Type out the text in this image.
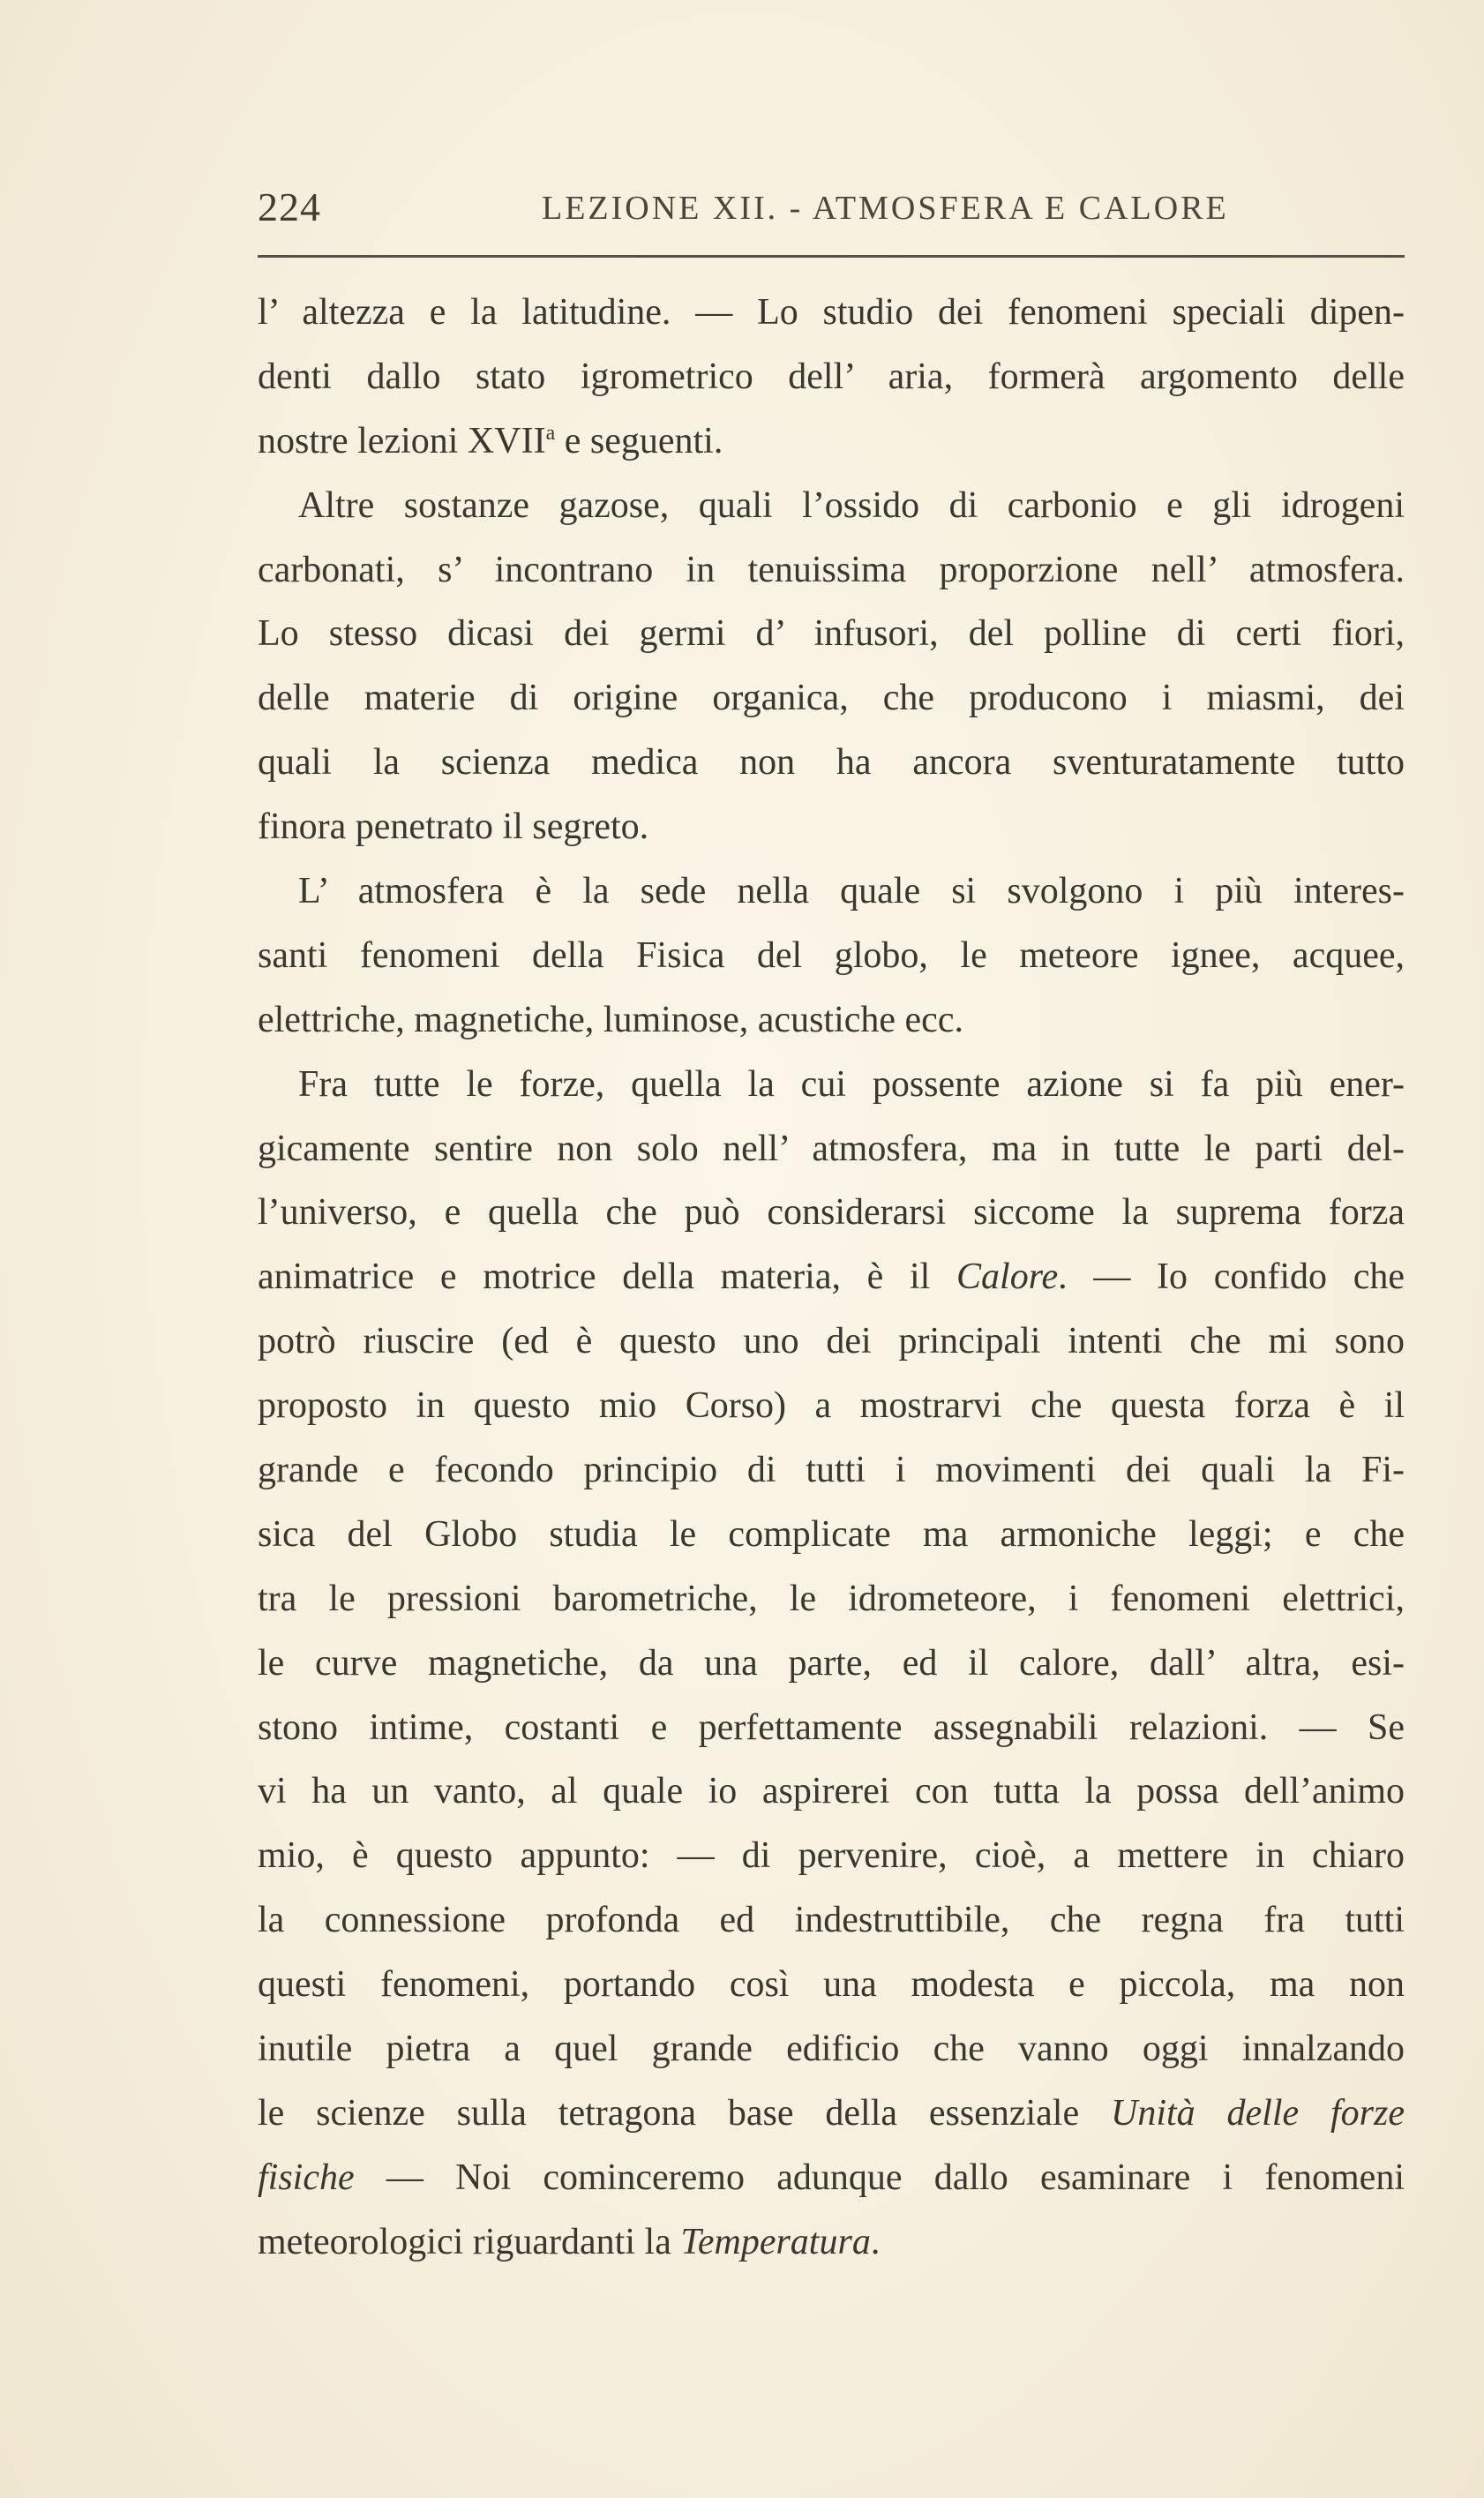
224	LEZIONE XII. - ATMOSFERA E CALORE
l’ altezza e la latitudine. — Lo studio dei fenomeni speciali dipen-
denti dallo stato igrometrico dell’ aria, formerà argomento delle
nostre lezioni XVII$^a$ e seguenti.
Altre sostanze gazose, quali l’ossido di carbonio e gli idrogeni
carbonati, s’ incontrano in tenuissima proporzione nell’ atmosfera.
Lo stesso dicasi dei germi d’ infusori, del polline di certi fiori,
delle materie di origine organica, che producono i miasmi, dei
quali la scienza medica non ha ancora sventuratamente tutto
finora penetrato il segreto.
L’ atmosfera è la sede nella quale si svolgono i più interes-
santi fenomeni della Fisica del globo, le meteore ignee, acquee,
elettriche, magnetiche, luminose, acustiche ecc.
Fra tutte le forze, quella la cui possente azione si fa più ener-
gicamente sentire non solo nell’ atmosfera, ma in tutte le parti del-
l’universo, e quella che può considerarsi siccome la suprema forza
animatrice e motrice della materia, è il Calore. — Io confido che
potrò riuscire (ed è questo uno dei principali intenti che mi sono
proposto in questo mio Corso) a mostrarvi che questa forza è il
grande e fecondo principio di tutti i movimenti dei quali la Fi-
sica del Globo studia le complicate ma armoniche leggi; e che
tra le pressioni barometriche, le idrometeore, i fenomeni elettrici,
le curve magnetiche, da una parte, ed il calore, dall’ altra, esi-
stono intime, costanti e perfettamente assegnabili relazioni. — Se
vi ha un vanto, al quale io aspirerei con tutta la possa dell’animo
mio, è questo appunto: — di pervenire, cioè, a mettere in chiaro
la connessione profonda ed indestruttibile, che regna fra tutti
questi fenomeni, portando così una modesta e piccola, ma non
inutile pietra a quel grande edificio che vanno oggi innalzando
le scienze sulla tetragona base della essenziale Unità delle forze
fisiche — Noi cominceremo adunque dallo esaminare i fenomeni
meteorologici riguardanti la Temperatura.
